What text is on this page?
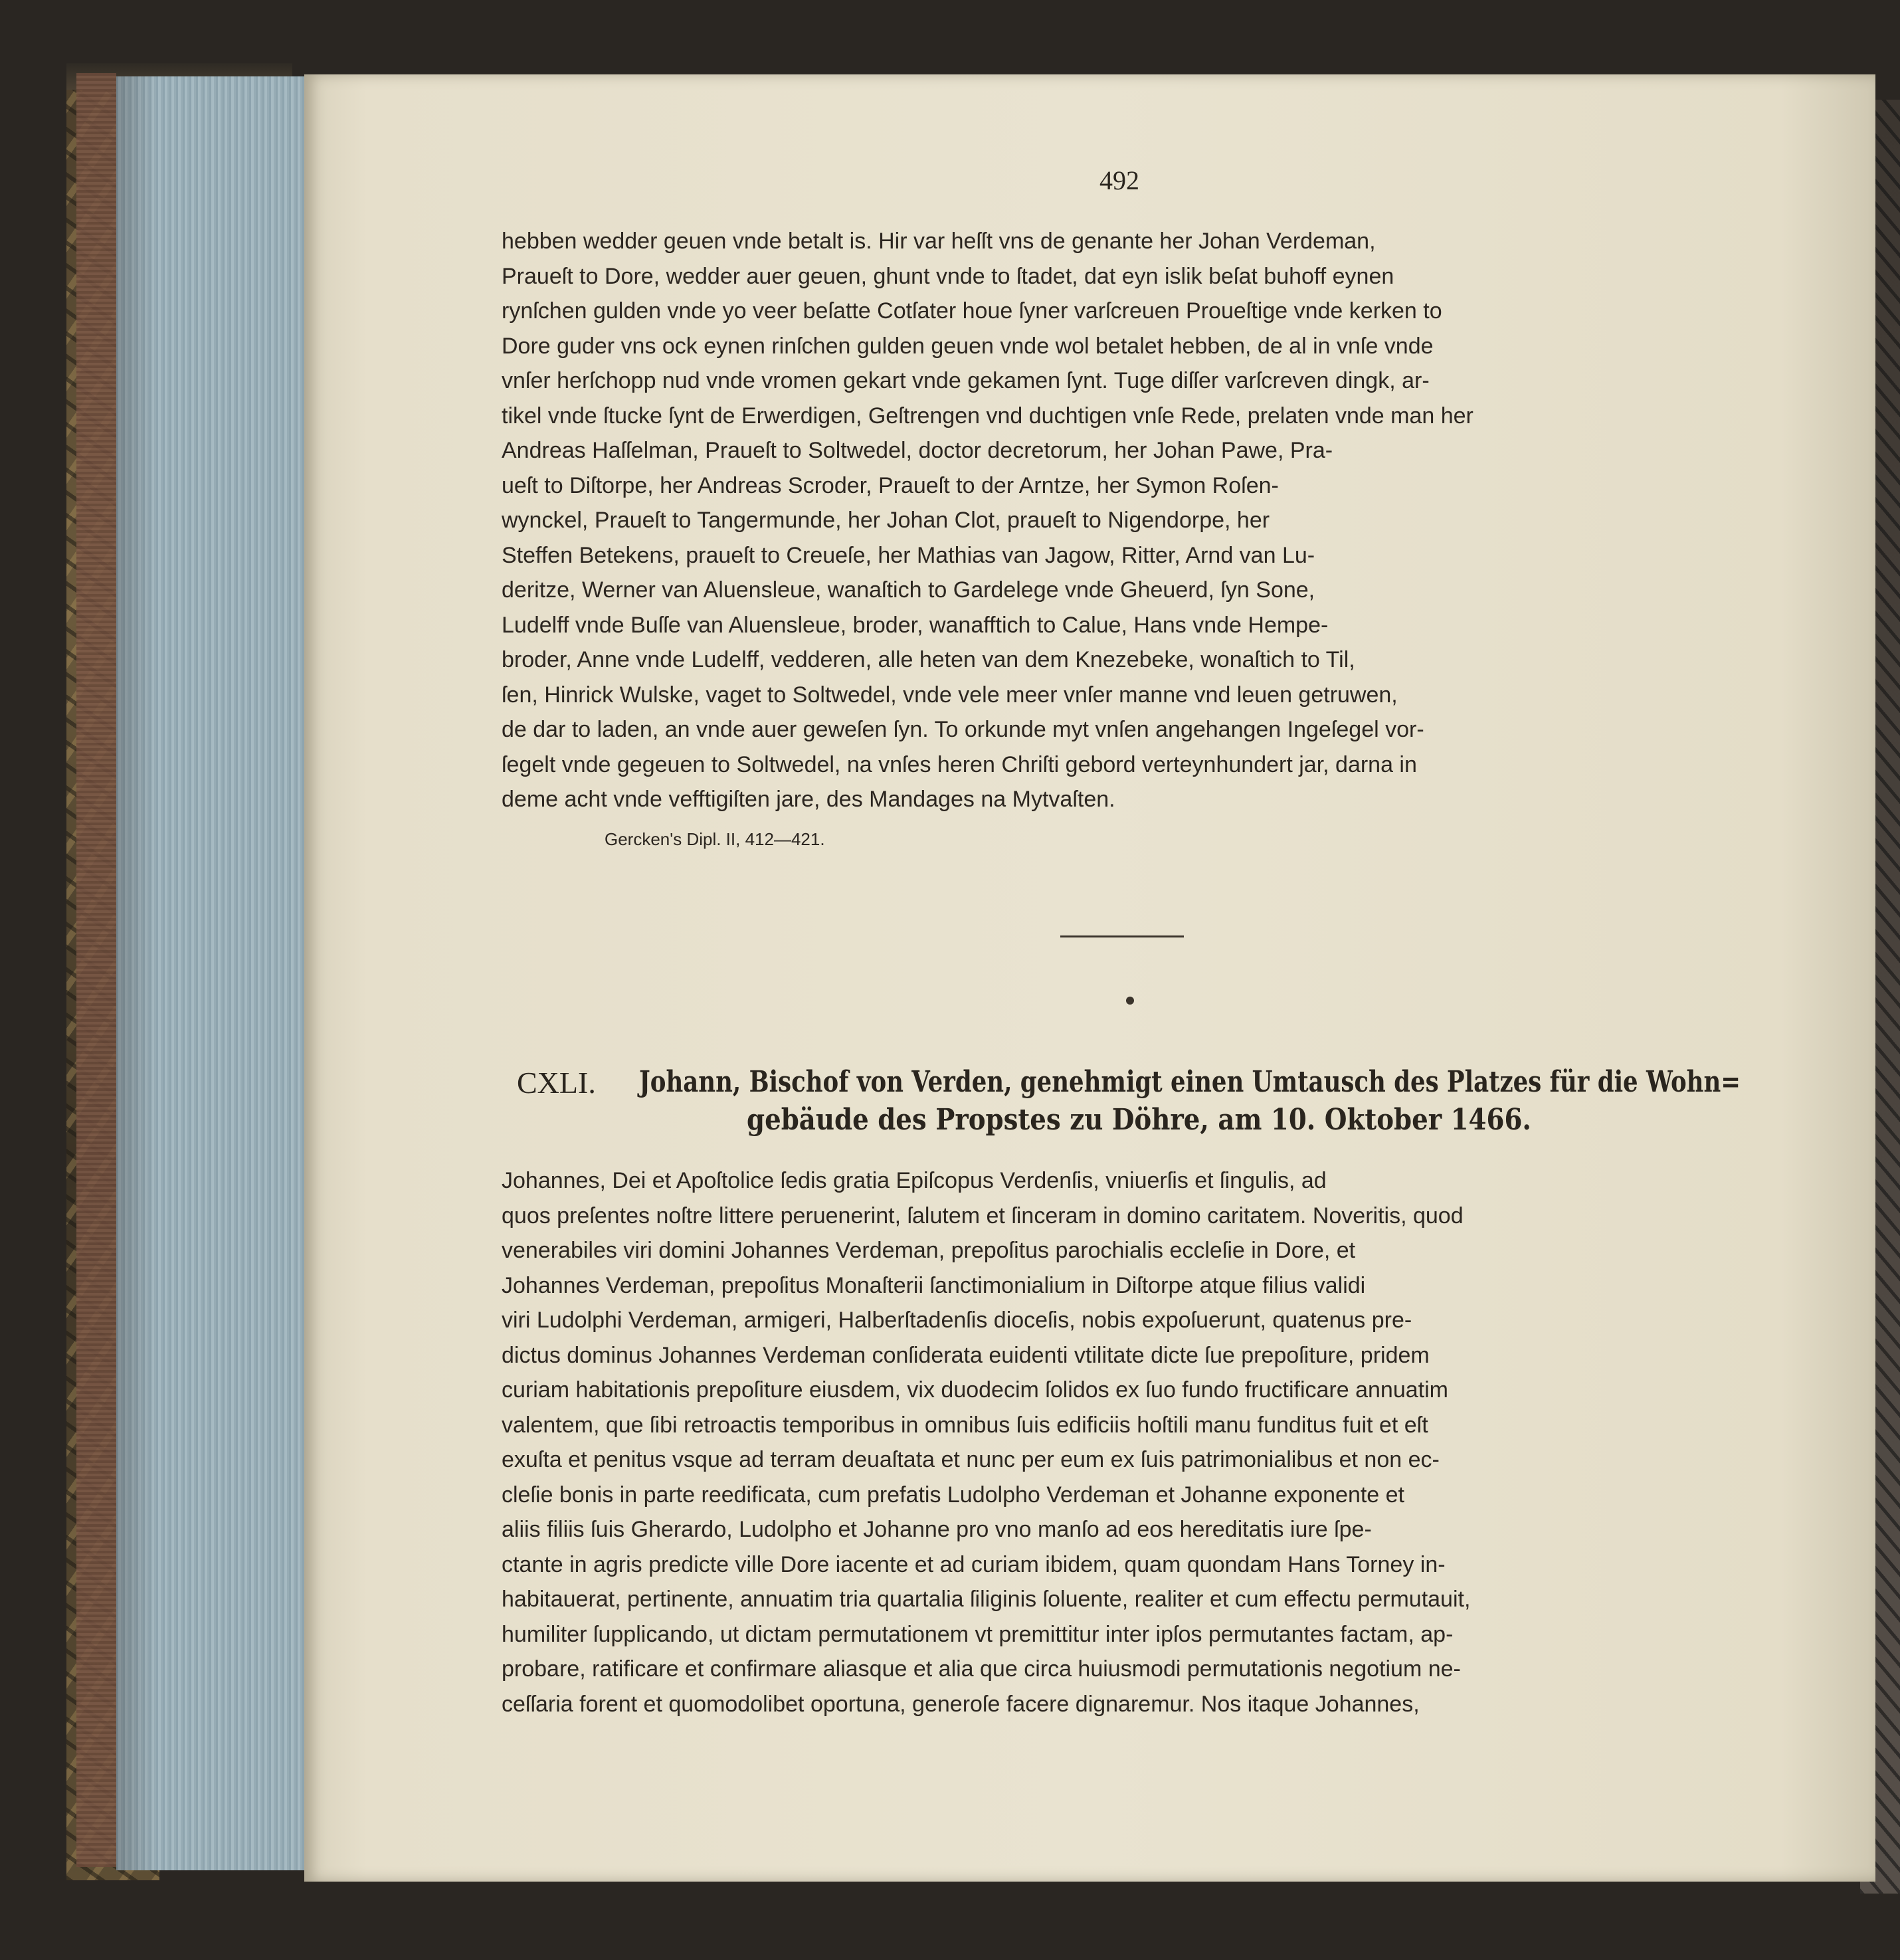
492
hebben wedder geuen vnde betalt is. Hir var heſſt vns de genante her Johan Verdeman,
Praueſt to Dore, wedder auer geuen, ghunt vnde to ſtadet, dat eyn islik beſat buhoff eynen
rynſchen gulden vnde yo veer beſatte Cotſater houe ſyner varſcreuen Proueſtige vnde kerken to
Dore guder vns ock eynen rinſchen gulden geuen vnde wol betalet hebben, de al in vnſe vnde
vnſer herſchopp nud vnde vromen gekart vnde gekamen ſynt. Tuge diſſer varſcreven dingk, ar-
tikel vnde ſtucke ſynt de Erwerdigen, Geſtrengen vnd duchtigen vnſe Rede, prelaten vnde man her
Andreas Haſſelman, Praueſt to Soltwedel, doctor decretorum, her Johan Pawe, Pra-
ueſt to Diſtorpe, her Andreas Scroder, Praueſt to der Arntze, her Symon Roſen-
wynckel, Praueſt to Tangermunde, her Johan Clot, praueſt to Nigendorpe, her
Steffen Betekens, praueſt to Creueſe, her Mathias van Jagow, Ritter, Arnd van Lu-
deritze, Werner van Aluensleue, wanaſtich to Gardelege vnde Gheuerd, ſyn Sone,
Ludelff vnde Buſſe van Aluensleue, broder, wanafftich to Calue, Hans vnde Hempe-
broder, Anne vnde Ludelff, vedderen, alle heten van dem Knezebeke, wonaſtich to Til,
ſen, Hinrick Wulske, vaget to Soltwedel, vnde vele meer vnſer manne vnd leuen getruwen,
de dar to laden, an vnde auer geweſen ſyn. To orkunde myt vnſen angehangen Ingeſegel vor-
ſegelt vnde gegeuen to Soltwedel, na vnſes heren Chriſti gebord verteynhundert jar, darna in
deme acht vnde vefftigiſten jare, des Mandages na Mytvaſten.
Gercken's Dipl. II, 412—421.
CXLI. Johann, Bischof von Verden, genehmigt einen Umtausch des Platzes für die Wohn=
gebäude des Propstes zu Döhre, am 10. Oktober 1466.
Johannes, Dei et Apoſtolice ſedis gratia Epiſcopus Verdenſis, vniuerſis et ſingulis, ad
quos preſentes noſtre littere peruenerint, ſalutem et ſinceram in domino caritatem. Noveritis, quod
venerabiles viri domini Johannes Verdeman, prepoſitus parochialis eccleſie in Dore, et
Johannes Verdeman, prepoſitus Monaſterii ſanctimonialium in Diſtorpe atque filius validi
viri Ludolphi Verdeman, armigeri, Halberſtadenſis dioceſis, nobis expoſuerunt, quatenus pre-
dictus dominus Johannes Verdeman conſiderata euidenti vtilitate dicte ſue prepoſiture, pridem
curiam habitationis prepoſiture eiusdem, vix duodecim ſolidos ex ſuo fundo fructificare annuatim
valentem, que ſibi retroactis temporibus in omnibus ſuis edificiis hoſtili manu funditus fuit et eſt
exuſta et penitus vsque ad terram deuaſtata et nunc per eum ex ſuis patrimonialibus et non ec-
cleſie bonis in parte reedificata, cum prefatis Ludolpho Verdeman et Johanne exponente et
aliis filiis ſuis Gherardo, Ludolpho et Johanne pro vno manſo ad eos hereditatis iure ſpe-
ctante in agris predicte ville Dore iacente et ad curiam ibidem, quam quondam Hans Torney in-
habitauerat, pertinente, annuatim tria quartalia ſiliginis ſoluente, realiter et cum effectu permutauit,
humiliter ſupplicando, ut dictam permutationem vt premittitur inter ipſos permutantes factam, ap-
probare, ratificare et confirmare aliasque et alia que circa huiusmodi permutationis negotium ne-
ceſſaria forent et quomodolibet oportuna, generoſe facere dignaremur. Nos itaque Johannes,
